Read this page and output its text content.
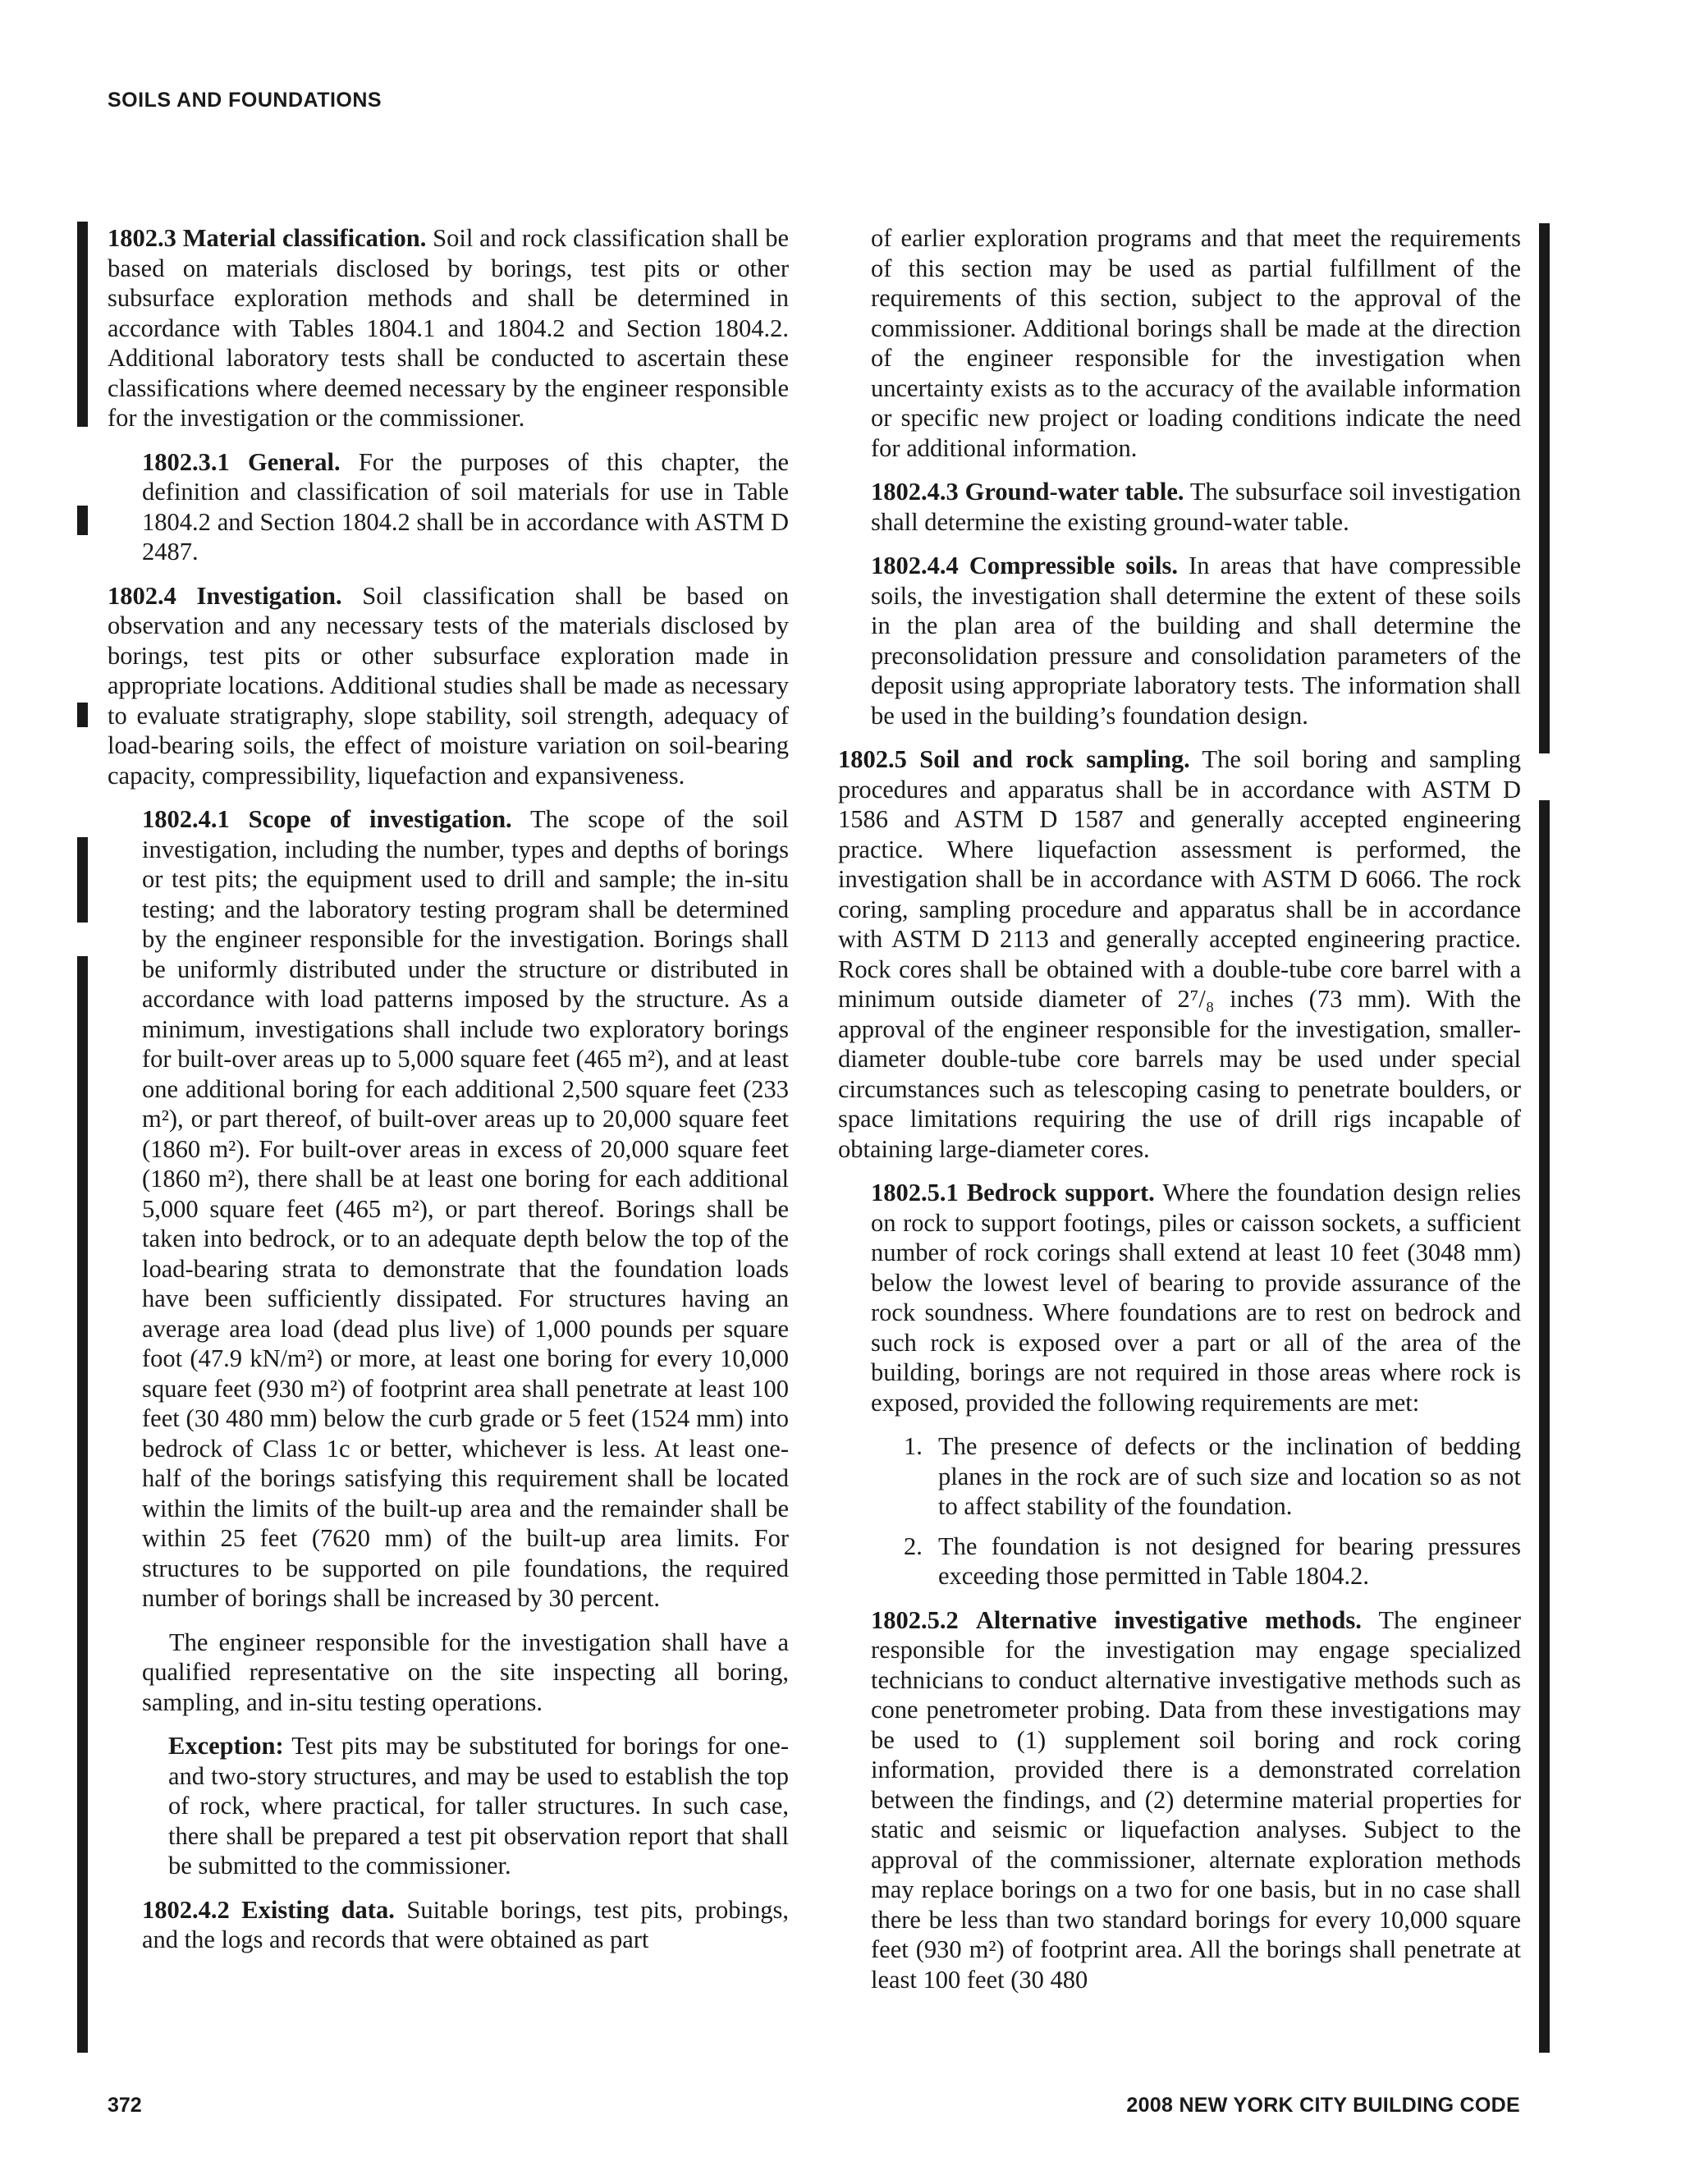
SOILS AND FOUNDATIONS

1802.3 Material classification. Soil and rock classification shall be based on materials disclosed by borings, test pits or other subsurface exploration methods and shall be determined in accordance with Tables 1804.1 and 1804.2 and Section 1804.2. Additional laboratory tests shall be conducted to ascertain these classifications where deemed necessary by the engineer responsible for the investigation or the commissioner.

1802.3.1 General. For the purposes of this chapter, the definition and classification of soil materials for use in Table 1804.2 and Section 1804.2 shall be in accordance with ASTM D 2487.

1802.4 Investigation. Soil classification shall be based on observation and any necessary tests of the materials disclosed by borings, test pits or other subsurface exploration made in appropriate locations. Additional studies shall be made as necessary to evaluate stratigraphy, slope stability, soil strength, adequacy of load-bearing soils, the effect of moisture variation on soil-bearing capacity, compressibility, liquefaction and expansiveness.

1802.4.1 Scope of investigation. The scope of the soil investigation, including the number, types and depths of borings or test pits; the equipment used to drill and sample; the in-situ testing; and the laboratory testing program shall be determined by the engineer responsible for the investigation. Borings shall be uniformly distributed under the structure or distributed in accordance with load patterns imposed by the structure. As a minimum, investigations shall include two exploratory borings for built-over areas up to 5,000 square feet (465 m²), and at least one additional boring for each additional 2,500 square feet (233 m²), or part thereof, of built-over areas up to 20,000 square feet (1860 m²). For built-over areas in excess of 20,000 square feet (1860 m²), there shall be at least one boring for each additional 5,000 square feet (465 m²), or part thereof. Borings shall be taken into bedrock, or to an adequate depth below the top of the load-bearing strata to demonstrate that the foundation loads have been sufficiently dissipated. For structures having an average area load (dead plus live) of 1,000 pounds per square foot (47.9 kN/m²) or more, at least one boring for every 10,000 square feet (930 m²) of footprint area shall penetrate at least 100 feet (30 480 mm) below the curb grade or 5 feet (1524 mm) into bedrock of Class 1c or better, whichever is less. At least one-half of the borings satisfying this requirement shall be located within the limits of the built-up area and the remainder shall be within 25 feet (7620 mm) of the built-up area limits. For structures to be supported on pile foundations, the required number of borings shall be increased by 30 percent.

The engineer responsible for the investigation shall have a qualified representative on the site inspecting all boring, sampling, and in-situ testing operations.

Exception: Test pits may be substituted for borings for one- and two-story structures, and may be used to establish the top of rock, where practical, for taller structures. In such case, there shall be prepared a test pit observation report that shall be submitted to the commissioner.

1802.4.2 Existing data. Suitable borings, test pits, probings, and the logs and records that were obtained as part

of earlier exploration programs and that meet the requirements of this section may be used as partial fulfillment of the requirements of this section, subject to the approval of the commissioner. Additional borings shall be made at the direction of the engineer responsible for the investigation when uncertainty exists as to the accuracy of the available information or specific new project or loading conditions indicate the need for additional information.

1802.4.3 Ground-water table. The subsurface soil investigation shall determine the existing ground-water table.

1802.4.4 Compressible soils. In areas that have compressible soils, the investigation shall determine the extent of these soils in the plan area of the building and shall determine the preconsolidation pressure and consolidation parameters of the deposit using appropriate laboratory tests. The information shall be used in the building’s foundation design.

1802.5 Soil and rock sampling. The soil boring and sampling procedures and apparatus shall be in accordance with ASTM D 1586 and ASTM D 1587 and generally accepted engineering practice. Where liquefaction assessment is performed, the investigation shall be in accordance with ASTM D 6066. The rock coring, sampling procedure and apparatus shall be in accordance with ASTM D 2113 and generally accepted engineering practice. Rock cores shall be obtained with a double-tube core barrel with a minimum outside diameter of 2⁷/₈ inches (73 mm). With the approval of the engineer responsible for the investigation, smaller-diameter double-tube core barrels may be used under special circumstances such as telescoping casing to penetrate boulders, or space limitations requiring the use of drill rigs incapable of obtaining large-diameter cores.

1802.5.1 Bedrock support. Where the foundation design relies on rock to support footings, piles or caisson sockets, a sufficient number of rock corings shall extend at least 10 feet (3048 mm) below the lowest level of bearing to provide assurance of the rock soundness. Where foundations are to rest on bedrock and such rock is exposed over a part or all of the area of the building, borings are not required in those areas where rock is exposed, provided the following requirements are met:

1. The presence of defects or the inclination of bedding planes in the rock are of such size and location so as not to affect stability of the foundation.
2. The foundation is not designed for bearing pressures exceeding those permitted in Table 1804.2.

1802.5.2 Alternative investigative methods. The engineer responsible for the investigation may engage specialized technicians to conduct alternative investigative methods such as cone penetrometer probing. Data from these investigations may be used to (1) supplement soil boring and rock coring information, provided there is a demonstrated correlation between the findings, and (2) determine material properties for static and seismic or liquefaction analyses. Subject to the approval of the commissioner, alternate exploration methods may replace borings on a two for one basis, but in no case shall there be less than two standard borings for every 10,000 square feet (930 m²) of footprint area. All the borings shall penetrate at least 100 feet (30 480

372	2008 NEW YORK CITY BUILDING CODE
